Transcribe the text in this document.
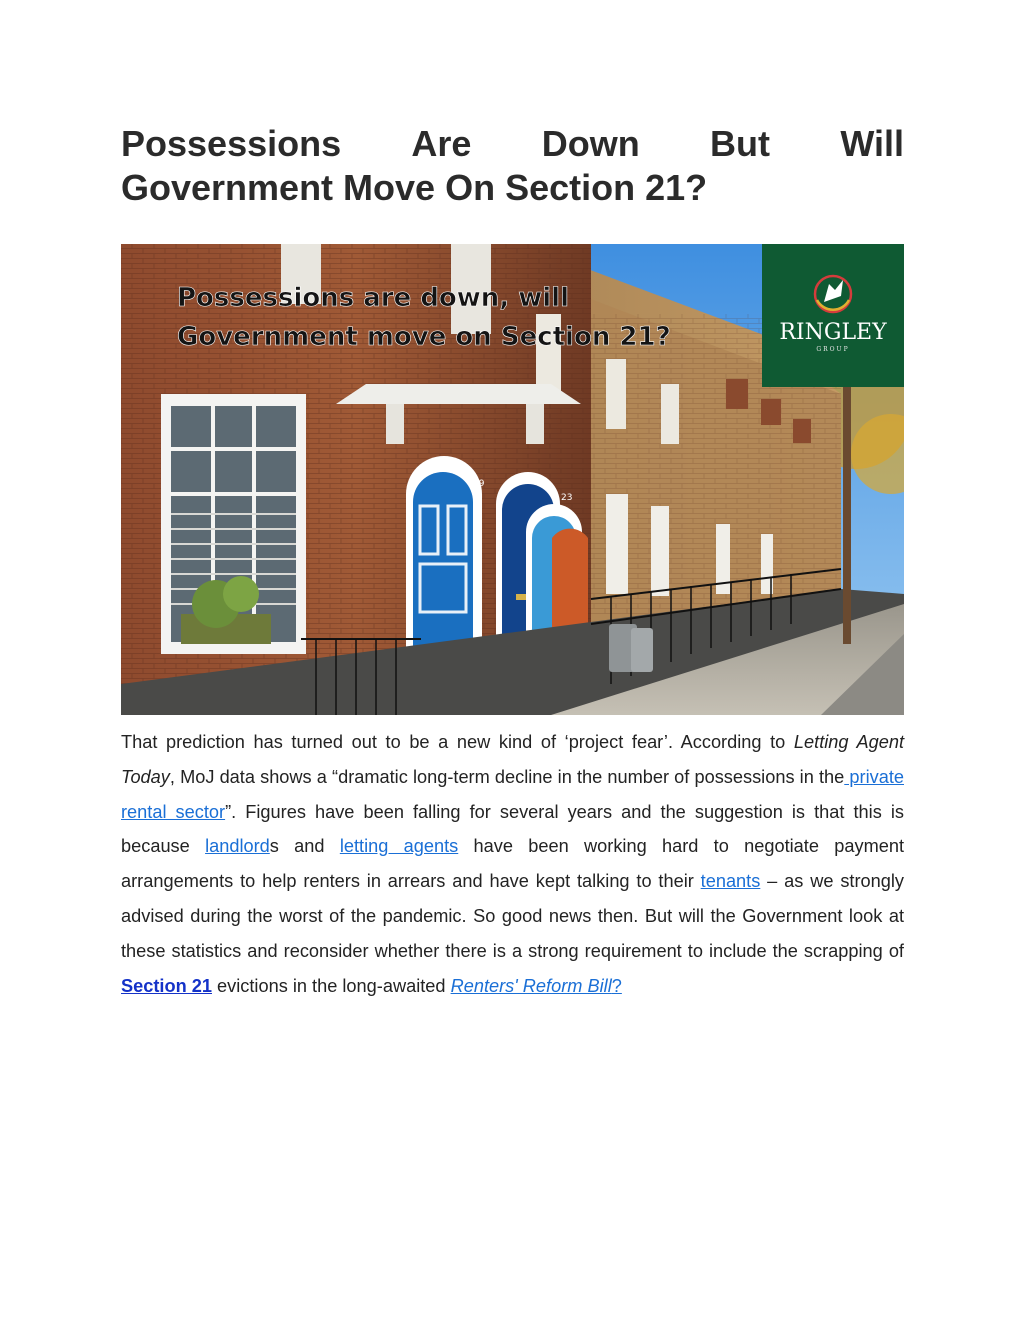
Possessions Are Down But Will
Government Move On Section 21?
17
19
23
Possessions are down, will
Government move on Section 21?	RINGLEY
GROUP

That prediction has turned out to be a new kind of ‘project fear’. According to Letting Agent Today, MoJ data shows a “dramatic long-term decline in the number of possessions in the private rental sector”. Figures have been falling for several years and the suggestion is that this is because landlords and letting agents have been working hard to negotiate payment arrangements to help renters in arrears and have kept talking to their tenants – as we strongly advised during the worst of the pandemic. So good news then. But will the Government look at these statistics and reconsider whether there is a strong requirement to include the scrapping of Section 21 evictions in the long-awaited Renters' Reform Bill?
